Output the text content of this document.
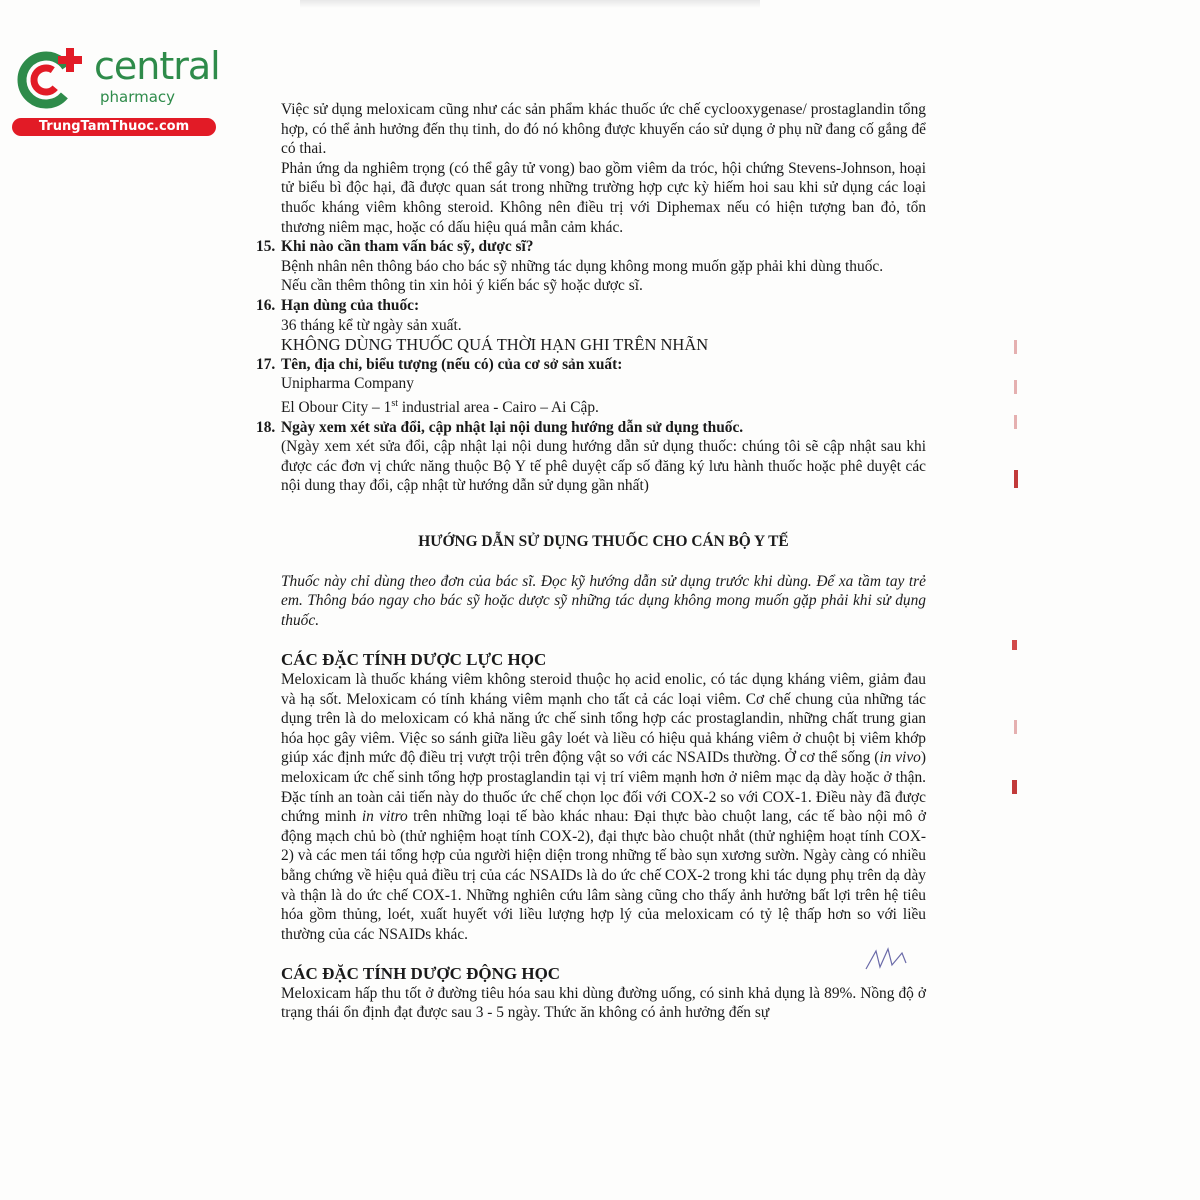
central
pharmacy
TrungTamThuoc.com
Việc sử dụng meloxicam cũng như các sản phẩm khác thuốc ức chế cyclooxygenase/ prostaglandin tổng hợp, có thể ảnh hưởng đến thụ tinh, do đó nó không được khuyến cáo sử dụng ở phụ nữ đang cố gắng để có thai.
Phản ứng da nghiêm trọng (có thể gây tử vong) bao gồm viêm da tróc, hội chứng Stevens-Johnson, hoại tử biểu bì độc hại, đã được quan sát trong những trường hợp cực kỳ hiếm hoi sau khi sử dụng các loại thuốc kháng viêm không steroid. Không nên điều trị với Diphemax nếu có hiện tượng ban đỏ, tổn thương niêm mạc, hoặc có dấu hiệu quá mẫn cảm khác.
15. Khi nào cần tham vấn bác sỹ, dược sĩ?
Bệnh nhân nên thông báo cho bác sỹ những tác dụng không mong muốn gặp phải khi dùng thuốc.
Nếu cần thêm thông tin xin hỏi ý kiến bác sỹ hoặc dược sĩ.
16. Hạn dùng của thuốc:
36 tháng kể từ ngày sản xuất.
KHÔNG DÙNG THUỐC QUÁ THỜI HẠN GHI TRÊN NHÃN
17. Tên, địa chỉ, biểu tượng (nếu có) của cơ sở sản xuất:
Unipharma Company
El Obour City – 1st industrial area - Cairo – Ai Cập.
18. Ngày xem xét sửa đổi, cập nhật lại nội dung hướng dẫn sử dụng thuốc.
(Ngày xem xét sửa đổi, cập nhật lại nội dung hướng dẫn sử dụng thuốc: chúng tôi sẽ cập nhật sau khi được các đơn vị chức năng thuộc Bộ Y tế phê duyệt cấp số đăng ký lưu hành thuốc hoặc phê duyệt các nội dung thay đổi, cập nhật từ hướng dẫn sử dụng gần nhất)
HƯỚNG DẪN SỬ DỤNG THUỐC CHO CÁN BỘ Y TẾ
Thuốc này chỉ dùng theo đơn của bác sĩ. Đọc kỹ hướng dẫn sử dụng trước khi dùng. Để xa tầm tay trẻ em. Thông báo ngay cho bác sỹ hoặc dược sỹ những tác dụng không mong muốn gặp phải khi sử dụng thuốc.
CÁC ĐẶC TÍNH DƯỢC LỰC HỌC
Meloxicam là thuốc kháng viêm không steroid thuộc họ acid enolic, có tác dụng kháng viêm, giảm đau và hạ sốt. Meloxicam có tính kháng viêm mạnh cho tất cả các loại viêm. Cơ chế chung của những tác dụng trên là do meloxicam có khả năng ức chế sinh tổng hợp các prostaglandin, những chất trung gian hóa học gây viêm. Việc so sánh giữa liều gây loét và liều có hiệu quả kháng viêm ở chuột bị viêm khớp giúp xác định mức độ điều trị vượt trội trên động vật so với các NSAIDs thường. Ở cơ thể sống (in vivo) meloxicam ức chế sinh tổng hợp prostaglandin tại vị trí viêm mạnh hơn ở niêm mạc dạ dày hoặc ở thận. Đặc tính an toàn cải tiến này do thuốc ức chế chọn lọc đối với COX-2 so với COX-1. Điều này đã được chứng minh in vitro trên những loại tế bào khác nhau: Đại thực bào chuột lang, các tế bào nội mô ở động mạch chủ bò (thử nghiệm hoạt tính COX-2), đại thực bào chuột nhắt (thử nghiệm hoạt tính COX-2) và các men tái tổng hợp của người hiện diện trong những tế bào sụn xương sườn. Ngày càng có nhiều bằng chứng về hiệu quả điều trị của các NSAIDs là do ức chế COX-2 trong khi tác dụng phụ trên dạ dày và thận là do ức chế COX-1. Những nghiên cứu lâm sàng cũng cho thấy ảnh hưởng bất lợi trên hệ tiêu hóa gồm thủng, loét, xuất huyết với liều lượng hợp lý của meloxicam có tỷ lệ thấp hơn so với liều thường của các NSAIDs khác.
CÁC ĐẶC TÍNH DƯỢC ĐỘNG HỌC
Meloxicam hấp thu tốt ở đường tiêu hóa sau khi dùng đường uống, có sinh khả dụng là 89%. Nồng độ ở trạng thái ổn định đạt được sau 3 - 5 ngày. Thức ăn không có ảnh hưởng đến sự
